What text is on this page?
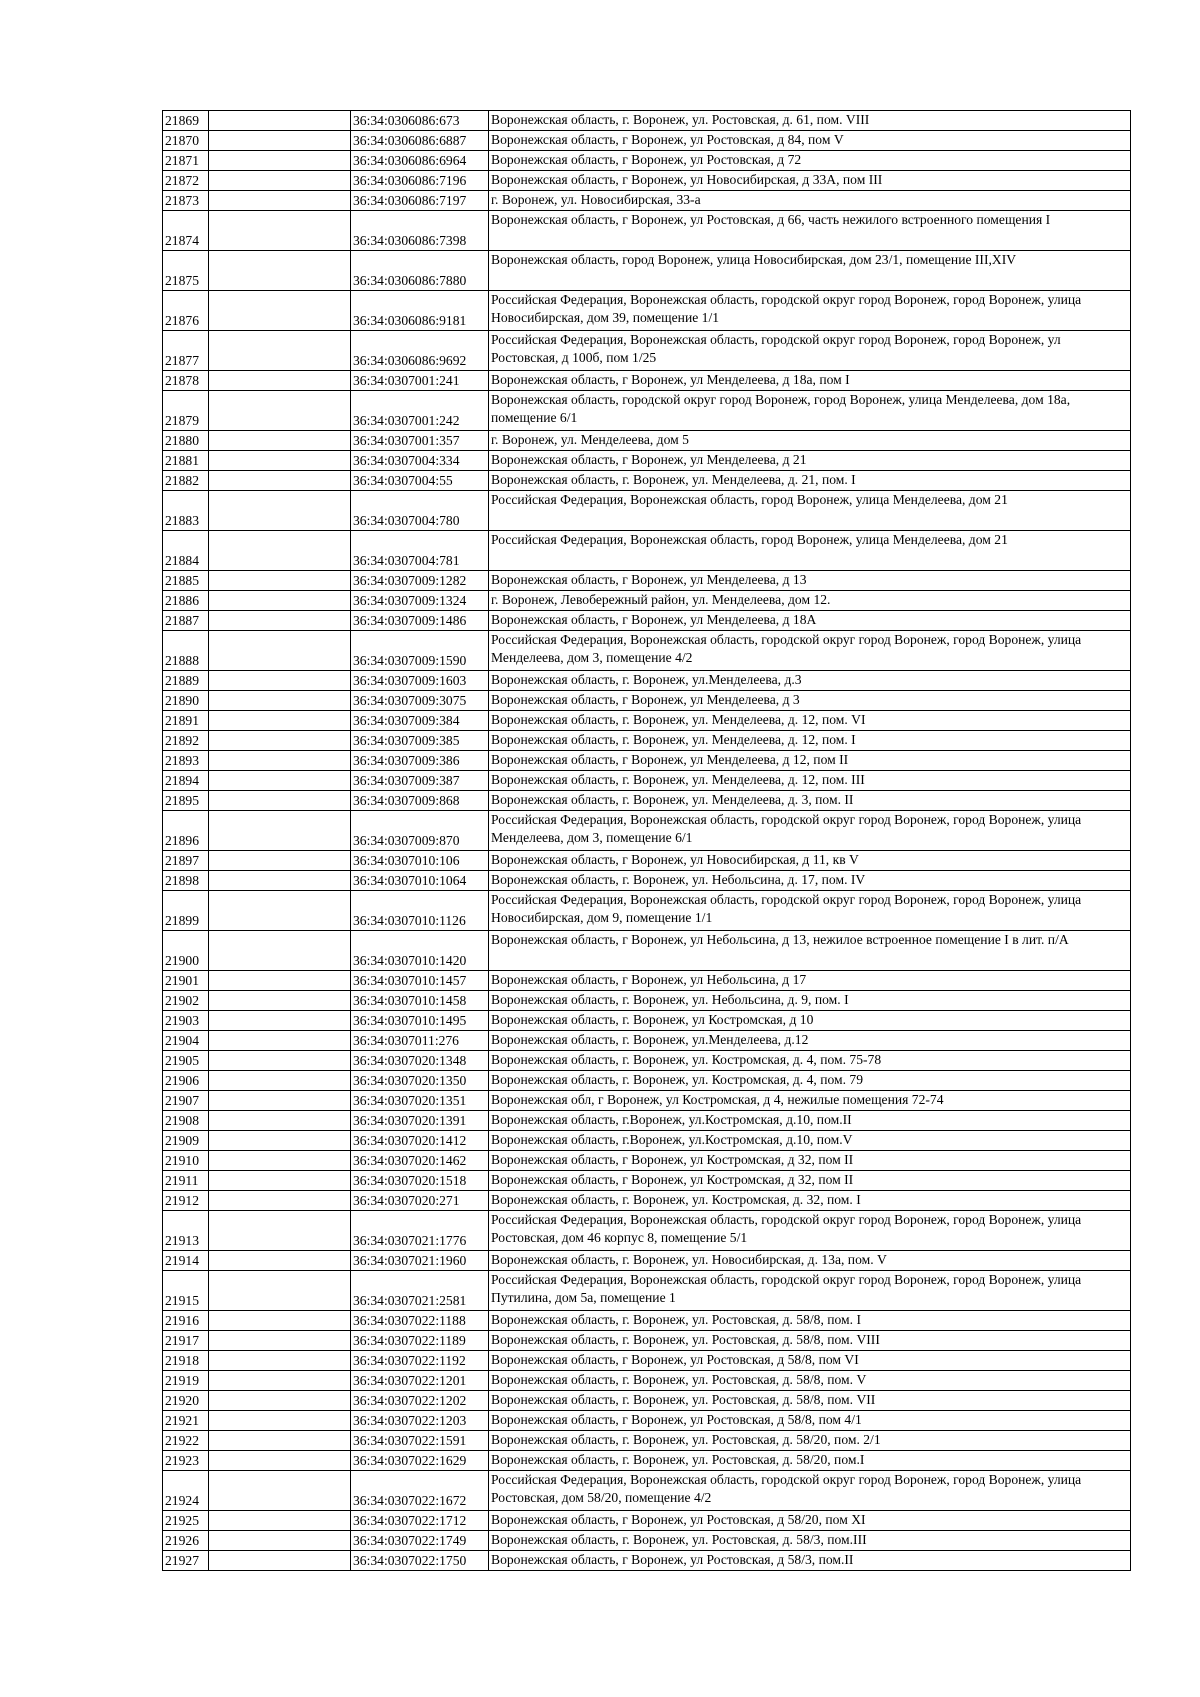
21869		36:34:0306086:673	Воронежская область, г. Воронеж, ул. Ростовская, д. 61, пом. VIII
21870		36:34:0306086:6887	Воронежская область, г Воронеж, ул Ростовская, д 84, пом V
21871		36:34:0306086:6964	Воронежская область, г Воронеж, ул Ростовская, д 72
21872		36:34:0306086:7196	Воронежская область, г Воронеж, ул Новосибирская, д 33А, пом III
21873		36:34:0306086:7197	г. Воронеж, ул. Новосибирская, 33-а
21874		36:34:0306086:7398	Воронежская область, г Воронеж, ул Ростовская, д 66, часть нежилого встроенного помещения I
21875		36:34:0306086:7880	Воронежская область, город Воронеж, улица Новосибирская, дом 23/1, помещение III,XIV
21876		36:34:0306086:9181	Российская Федерация, Воронежская область, городской округ город Воронеж, город Воронеж, улица Новосибирская, дом 39, помещение 1/1
21877		36:34:0306086:9692	Российская Федерация, Воронежская область, городской округ город Воронеж, город Воронеж, ул Ростовская, д 100б, пом 1/25
21878		36:34:0307001:241	Воронежская область, г Воронеж, ул Менделеева, д 18а, пом I
21879		36:34:0307001:242	Воронежская область, городской округ город Воронеж, город Воронеж, улица Менделеева, дом 18а, помещение 6/1
21880		36:34:0307001:357	г. Воронеж, ул. Менделеева, дом 5
21881		36:34:0307004:334	Воронежская область, г Воронеж, ул Менделеева, д 21
21882		36:34:0307004:55	Воронежская область, г. Воронеж, ул. Менделеева, д. 21, пом. I
21883		36:34:0307004:780	Российская Федерация, Воронежская область, город Воронеж, улица Менделеева, дом 21
21884		36:34:0307004:781	Российская Федерация, Воронежская область, город Воронеж, улица Менделеева, дом 21
21885		36:34:0307009:1282	Воронежская область, г Воронеж, ул Менделеева, д 13
21886		36:34:0307009:1324	г. Воронеж, Левобережный район, ул. Менделеева, дом 12.
21887		36:34:0307009:1486	Воронежская область, г Воронеж, ул Менделеева, д 18А
21888		36:34:0307009:1590	Российская Федерация, Воронежская область, городской округ город Воронеж, город Воронеж, улица Менделеева, дом 3, помещение 4/2
21889		36:34:0307009:1603	Воронежская область, г. Воронеж, ул.Менделеева, д.3
21890		36:34:0307009:3075	Воронежская область, г Воронеж, ул Менделеева, д 3
21891		36:34:0307009:384	Воронежская область, г. Воронеж, ул. Менделеева, д. 12, пом. VI
21892		36:34:0307009:385	Воронежская область, г. Воронеж, ул. Менделеева, д. 12, пом. I
21893		36:34:0307009:386	Воронежская область, г Воронеж, ул Менделеева, д 12, пом II
21894		36:34:0307009:387	Воронежская область, г. Воронеж, ул. Менделеева, д. 12, пом. III
21895		36:34:0307009:868	Воронежская область, г. Воронеж, ул. Менделеева, д. 3, пом. II
21896		36:34:0307009:870	Российская Федерация, Воронежская область, городской округ город Воронеж, город Воронеж, улица Менделеева, дом 3, помещение 6/1
21897		36:34:0307010:106	Воронежская область, г Воронеж, ул Новосибирская, д 11, кв V
21898		36:34:0307010:1064	Воронежская область, г. Воронеж, ул. Небольсина, д. 17, пом. IV
21899		36:34:0307010:1126	Российская Федерация, Воронежская область, городской округ город Воронеж, город Воронеж, улица Новосибирская, дом 9, помещение 1/1
21900		36:34:0307010:1420	Воронежская область, г Воронеж, ул Небольсина, д 13, нежилое встроенное помещение I в лит. п/А
21901		36:34:0307010:1457	Воронежская область, г Воронеж, ул Небольсина, д 17
21902		36:34:0307010:1458	Воронежская область, г. Воронеж, ул. Небольсина, д. 9, пом. I
21903		36:34:0307010:1495	Воронежская область, г. Воронеж, ул Костромская, д 10
21904		36:34:0307011:276	Воронежская область, г. Воронеж, ул.Менделеева, д.12
21905		36:34:0307020:1348	Воронежская область, г. Воронеж, ул. Костромская, д. 4, пом. 75-78
21906		36:34:0307020:1350	Воронежская область, г. Воронеж, ул. Костромская, д. 4, пом. 79
21907		36:34:0307020:1351	Воронежская обл, г Воронеж, ул Костромская, д 4, нежилые помещения 72-74
21908		36:34:0307020:1391	Воронежская область, г.Воронеж, ул.Костромская, д.10, пом.II
21909		36:34:0307020:1412	Воронежская область, г.Воронеж, ул.Костромская, д.10, пом.V
21910		36:34:0307020:1462	Воронежская область, г Воронеж, ул Костромская, д 32, пом II
21911		36:34:0307020:1518	Воронежская область, г Воронеж, ул Костромская, д 32, пом II
21912		36:34:0307020:271	Воронежская область, г. Воронеж, ул. Костромская, д. 32, пом. I
21913		36:34:0307021:1776	Российская Федерация, Воронежская область, городской округ город Воронеж, город Воронеж, улица Ростовская, дом 46 корпус 8, помещение 5/1
21914		36:34:0307021:1960	Воронежская область, г. Воронеж, ул. Новосибирская, д. 13а, пом. V
21915		36:34:0307021:2581	Российская Федерация, Воронежская область, городской округ город Воронеж, город Воронеж, улица Путилина, дом 5а, помещение 1
21916		36:34:0307022:1188	Воронежская область, г. Воронеж, ул. Ростовская, д. 58/8, пом. I
21917		36:34:0307022:1189	Воронежская область, г. Воронеж, ул. Ростовская, д. 58/8, пом. VIII
21918		36:34:0307022:1192	Воронежская область, г Воронеж, ул Ростовская, д 58/8, пом VI
21919		36:34:0307022:1201	Воронежская область, г. Воронеж, ул. Ростовская, д. 58/8, пом. V
21920		36:34:0307022:1202	Воронежская область, г. Воронеж, ул. Ростовская, д. 58/8, пом. VII
21921		36:34:0307022:1203	Воронежская область, г Воронеж, ул Ростовская, д 58/8, пом 4/1
21922		36:34:0307022:1591	Воронежская область, г. Воронеж, ул. Ростовская, д. 58/20, пом. 2/1
21923		36:34:0307022:1629	Воронежская область, г. Воронеж, ул. Ростовская, д. 58/20, пом.I
21924		36:34:0307022:1672	Российская Федерация, Воронежская область, городской округ город Воронеж, город Воронеж, улица Ростовская, дом 58/20, помещение 4/2
21925		36:34:0307022:1712	Воронежская область, г Воронеж, ул Ростовская, д 58/20, пом XI
21926		36:34:0307022:1749	Воронежская область, г. Воронеж, ул. Ростовская, д. 58/3, пом.III
21927		36:34:0307022:1750	Воронежская область, г Воронеж, ул Ростовская, д 58/3, пом.II
